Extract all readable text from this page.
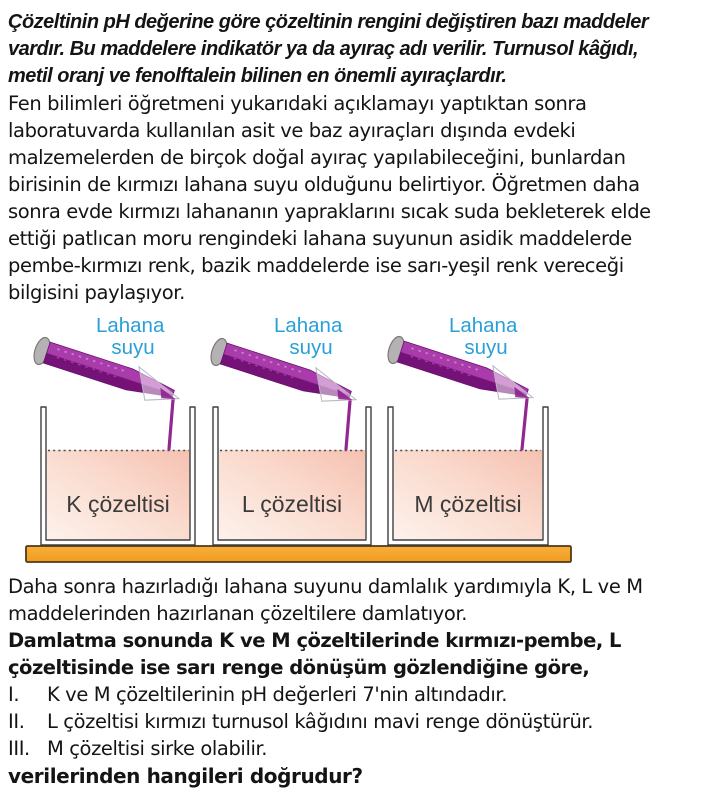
Çözeltinin pH değerine göre çözeltinin rengini değiştiren bazı maddeler
vardır. Bu maddelere indikatör ya da ayıraç adı verilir. Turnusol kâğıdı,
metil oranj ve fenolftalein bilinen en önemli ayıraçlardır.
Fen bilimleri öğretmeni yukarıdaki açıklamayı yaptıktan sonra
laboratuvarda kullanılan asit ve baz ayıraçları dışında evdeki
malzemelerden de birçok doğal ayıraç yapılabileceğini, bunlardan
birisinin de kırmızı lahana suyu olduğunu belirtiyor. Öğretmen daha
sonra evde kırmızı lahananın yapraklarını sıcak suda bekleterek elde
ettiği patlıcan moru rengindeki lahana suyunun asidik maddelerde
pembe-kırmızı renk, bazik maddelerde ise sarı-yeşil renk vereceği
bilgisini paylaşıyor.
K çözeltisi	L çözeltisi	M çözeltisi
Lahana suyu
Lahana suyu
Lahana suyu
Daha sonra hazırladığı lahana suyunu damlalık yardımıyla K, L ve M
maddelerinden hazırlanan çözeltilere damlatıyor.
Damlatma sonunda K ve M çözeltilerinde kırmızı-pembe, L
çözeltisinde ise sarı renge dönüşüm gözlendiğine göre,
I.	K ve M çözeltilerinin pH değerleri 7'nin altındadır.
II.	L çözeltisi kırmızı turnusol kâğıdını mavi renge dönüştürür.
III. M çözeltisi sirke olabilir.
verilerinden hangileri doğrudur?
